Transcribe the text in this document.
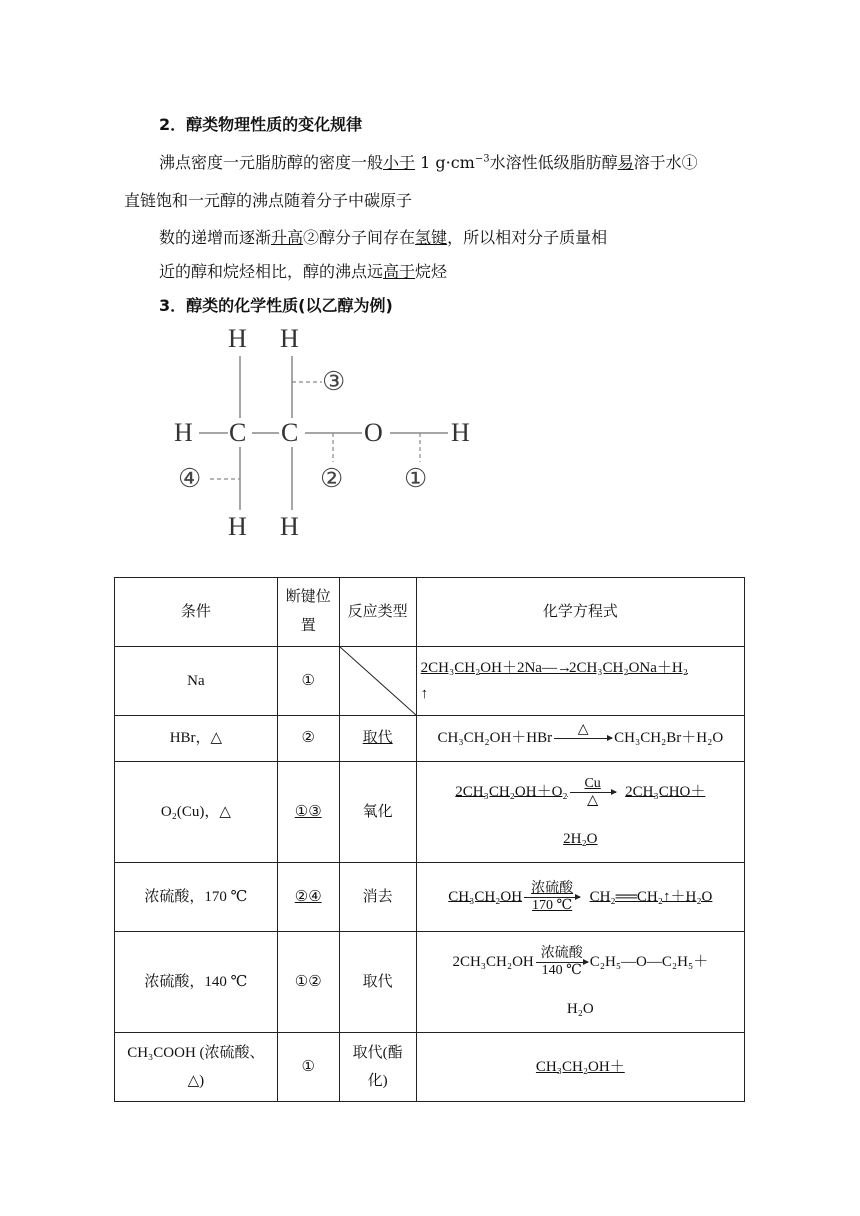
2．醇类物理性质的变化规律
沸点密度一元脂肪醇的密度一般小于 1 $g\cdot cm^{-3}$水溶性低级脂肪醇易溶于水①
直链饱和一元醇的沸点随着分子中碳原子
数的递增而逐渐升高②醇分子间存在氢键，所以相对分子质量相
近的醇和烷烃相比，醇的沸点远高于烷烃
3．醇类的化学性质(以乙醇为例)
H H
H C C	O	H
H H
③
④	② ①
条件	断键位置	反应类型	化学方程式
Na	①		2CH₃CH₂OH＋2Na—→2CH₃CH₂ONa＋H₂
↑
HBr，△	②	取代	CH₃CH₂OH＋HBr
△

CH₃CH₂Br＋H₂O
O₂(Cu)，△	①③	氧化	2CH₃CH₂OH＋O₂
Cu
△
2CH₃CHO＋

2H₂O
浓硫酸，170 ℃	②④	消去	CH₃CH₂OH
浓硫酸
170 ℃
CH₂══CH₂↑＋H₂O
浓硫酸，140 ℃	①②	取代	2CH₃CH₂OH
浓硫酸
140 ℃
C₂H₅—O—C₂H₅＋

H₂O
CH₃COOH (浓硫酸、△)	①	取代(酯化)	CH₃CH₂OH＋
